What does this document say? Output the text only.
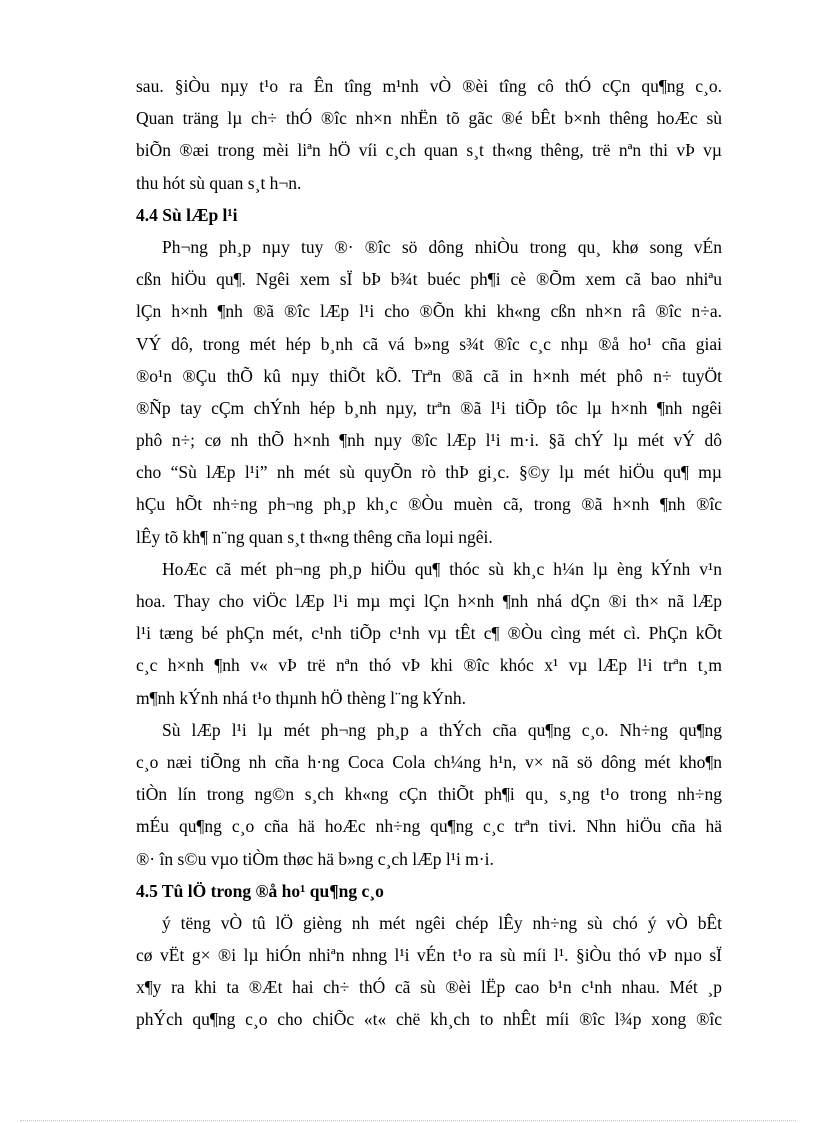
sau. §iÒu nµy t¹o ra Ên tîng m¹nh vÒ ®èi tîng cô thÓ cÇn qu¶ng c¸o.
Quan träng lµ ch÷ thÓ ®îc nh×n nhËn tõ gãc ®é bÊt b×nh thêng hoÆc sù
biÕn ®æi trong mèi liªn hÖ víi c¸ch quan s¸t th«ng thêng, trë nªn thi vÞ vµ
thu hót sù quan s¸t h¬n.
4.4 Sù lÆp l¹i
Ph¬ng ph¸p nµy tuy ®· ®îc sö dông nhiÒu trong qu¸ khø song vÉn
cßn hiÖu qu¶. Ngêi xem sÏ bÞ b¾t buéc ph¶i cè ®Õm xem cã bao nhiªu
lÇn h×nh ¶nh ®ã ®îc lÆp l¹i cho ®Õn khi kh«ng cßn nh×n râ ®îc n÷a.
VÝ dô, trong mét hép b¸nh cã vá b»ng s¾t ®îc c¸c nhµ ®å ho¹ cña giai
®o¹n ®Çu thÕ kû nµy thiÕt kÕ. Trªn ®ã cã in h×nh mét phô n÷ tuyÖt
®Ñp tay cÇm chÝnh hép b¸nh nµy, trªn ®ã l¹i tiÕp tôc lµ h×nh ¶nh ngêi
phô n÷; cø nh thÕ h×nh ¶nh nµy ®îc lÆp l¹i m·i. §ã chÝ lµ mét vÝ dô
cho “Sù lÆp l¹i” nh mét sù quyÕn rò thÞ gi¸c. §©y lµ mét hiÖu qu¶ mµ
hÇu hÕt nh÷ng ph¬ng ph¸p kh¸c ®Òu muèn cã, trong ®ã h×nh ¶nh ®îc
lÊy tõ kh¶ n¨ng quan s¸t th«ng thêng cña loµi ngêi.
HoÆc cã mét ph¬ng ph¸p hiÖu qu¶ thóc sù kh¸c h¼n lµ èng kÝnh v¹n
hoa. Thay cho viÖc lÆp l¹i mµ mçi lÇn h×nh ¶nh nhá dÇn ®i th× nã lÆp
l¹i tæng bé phÇn mét, c¹nh tiÕp c¹nh vµ tÊt c¶ ®Òu cìng mét cì. PhÇn kÕt
c¸c h×nh ¶nh v« vÞ trë nªn thó vÞ khi ®îc khóc x¹ vµ lÆp l¹i trªn t¸m
m¶nh kÝnh nhá t¹o thµnh hÖ thèng l¨ng kÝnh.
Sù lÆp l¹i lµ mét ph¬ng ph¸p a thÝch cña qu¶ng c¸o. Nh÷ng qu¶ng
c¸o næi tiÕng nh cña h·ng Coca Cola ch¼ng h¹n, v× nã sö dông mét kho¶n
tiÒn lín trong ng©n s¸ch kh«ng cÇn thiÕt ph¶i qu¸ s¸ng t¹o trong nh÷ng
mÉu qu¶ng c¸o cña hä hoÆc nh÷ng qu¶ng c¸c trªn tivi. Nhn hiÖu cña hä
®· în s©u vµo tiÒm thøc hä b»ng c¸ch lÆp l¹i m·i.
4.5 Tû lÖ trong ®å ho¹ qu¶ng c¸o
ý tëng vÒ tû lÖ gièng nh mét ngêi chép lÊy nh÷ng sù chó ý vÒ bÊt
cø vËt g× ®i lµ hiÓn nhiªn nhng l¹i vÉn t¹o ra sù míi l¹. §iÒu thó vÞ nµo sÏ
x¶y ra khi ta ®Æt hai ch÷ thÓ cã sù ®èi lËp cao b¹n c¹nh nhau. Mét ¸p
phÝch qu¶ng c¸o cho chiÕc «t« chë kh¸ch to nhÊt míi ®îc l¾p xong ®îc
